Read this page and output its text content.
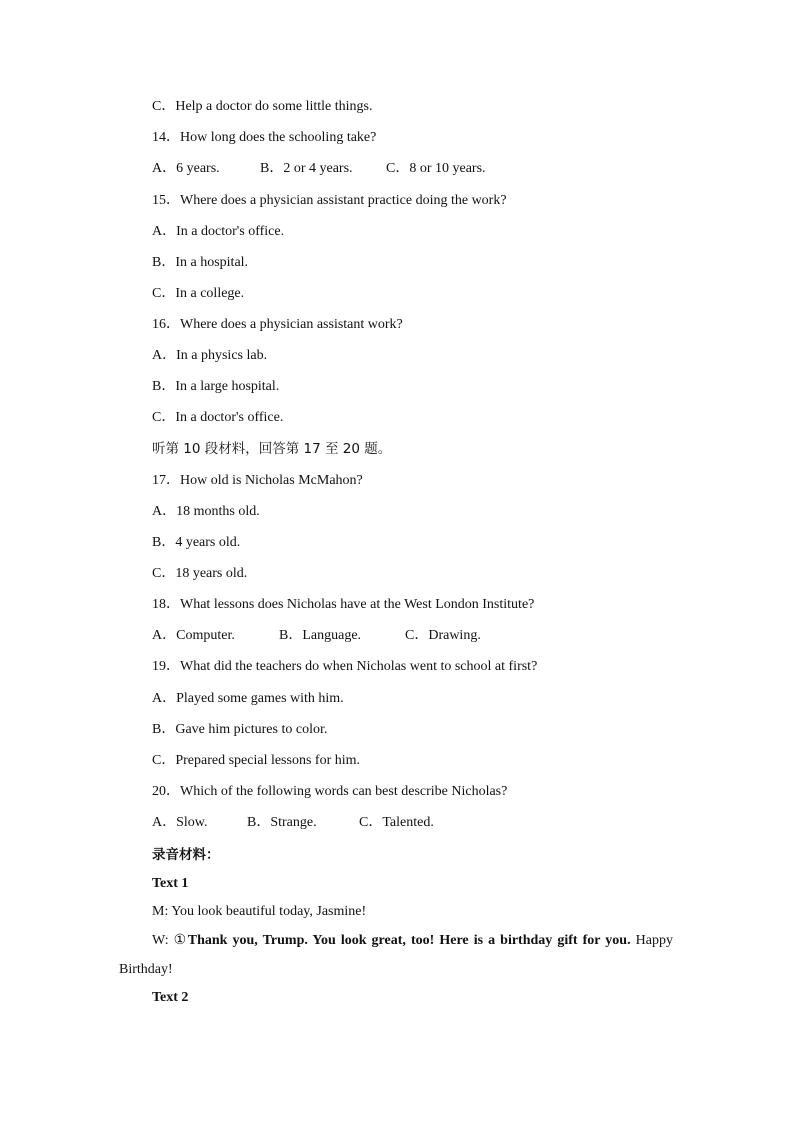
C．Help a doctor do some little things.
14．How long does the schooling take?
A．6 years.	B．2 or 4 years.	C．8 or 10 years.
15．Where does a physician assistant practice doing the work?
A．In a doctor's office.
B．In a hospital.
C．In a college.
16．Where does a physician assistant work?
A．In a physics lab.
B．In a large hospital.
C．In a doctor's office.
听第 10 段材料，回答第 17 至 20 题。
17．How old is Nicholas McMahon?
A．18 months old.
B．4 years old.
C．18 years old.
18．What lessons does Nicholas have at the West London Institute?
A．Computer.	B．Language.	C．Drawing.
19．What did the teachers do when Nicholas went to school at first?
A．Played some games with him.
B．Gave him pictures to color.
C．Prepared special lessons for him.
20．Which of the following words can best describe Nicholas?
A．Slow.	B．Strange.	C．Talented.
录音材料：
Text 1
M: You look beautiful today, Jasmine!
W: ①Thank you, Trump. You look great, too! Here is a birthday gift for you. Happy Birthday!
Text 2
